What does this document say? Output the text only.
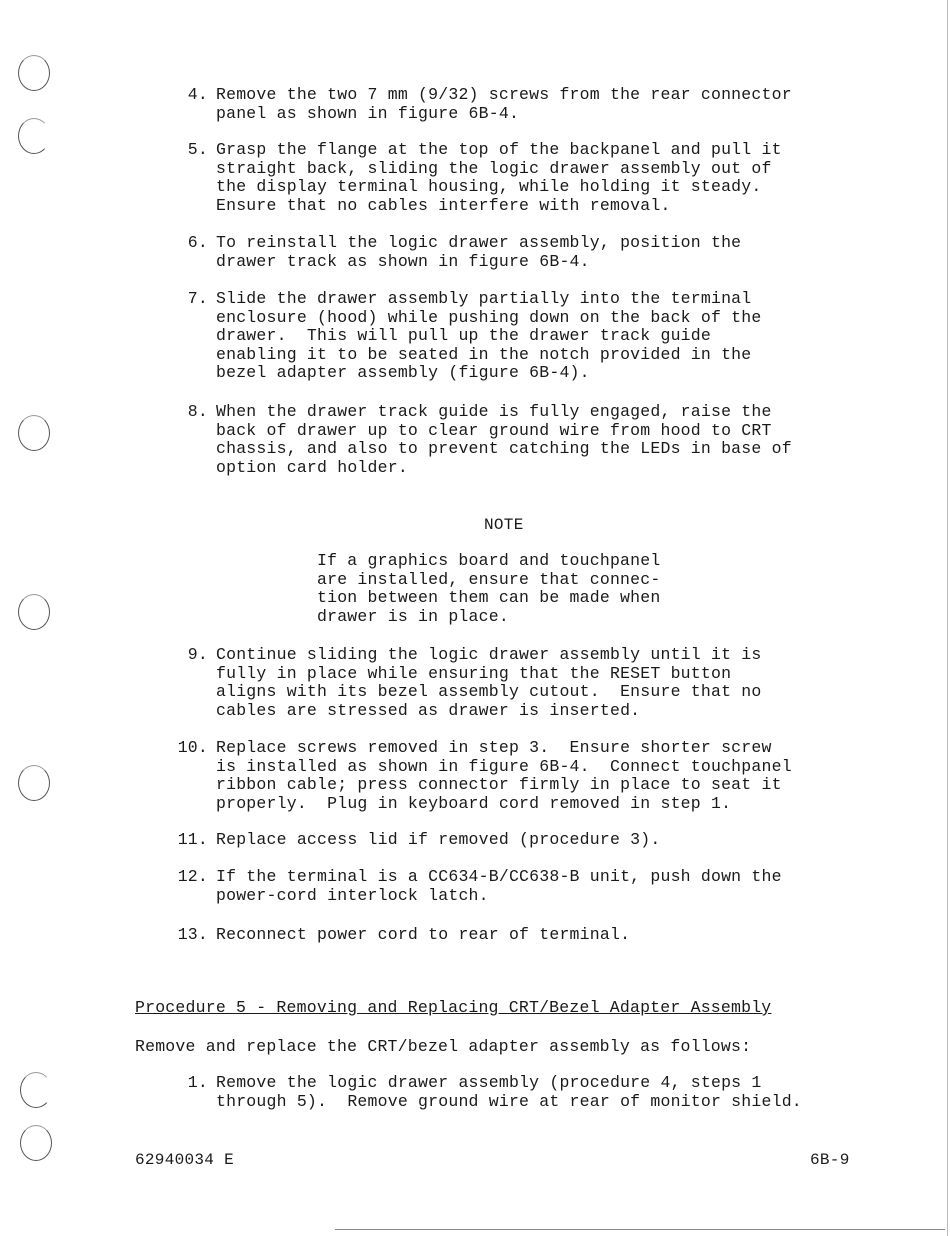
4. Remove the two 7 mm (9/32) screws from the rear connector
panel as shown in figure 6B-4.
5. Grasp the flange at the top of the backpanel and pull it
straight back, sliding the logic drawer assembly out of
the display terminal housing, while holding it steady.
Ensure that no cables interfere with removal.
6. To reinstall the logic drawer assembly, position the
drawer track as shown in figure 6B-4.
7. Slide the drawer assembly partially into the terminal
enclosure (hood) while pushing down on the back of the
drawer.  This will pull up the drawer track guide
enabling it to be seated in the notch provided in the
bezel adapter assembly (figure 6B-4).
8. When the drawer track guide is fully engaged, raise the
back of drawer up to clear ground wire from hood to CRT
chassis, and also to prevent catching the LEDs in base of
option card holder.
NOTE
If a graphics board and touchpanel
are installed, ensure that connec-
tion between them can be made when
drawer is in place.
9. Continue sliding the logic drawer assembly until it is
fully in place while ensuring that the RESET button
aligns with its bezel assembly cutout.  Ensure that no
cables are stressed as drawer is inserted.
10. Replace screws removed in step 3.  Ensure shorter screw
is installed as shown in figure 6B-4.  Connect touchpanel
ribbon cable; press connector firmly in place to seat it
properly.  Plug in keyboard cord removed in step 1.
11. Replace access lid if removed (procedure 3).
12. If the terminal is a CC634-B/CC638-B unit, push down the
power-cord interlock latch.
13. Reconnect power cord to rear of terminal.
Procedure 5 - Removing and Replacing CRT/Bezel Adapter Assembly
Remove and replace the CRT/bezel adapter assembly as follows:
1. Remove the logic drawer assembly (procedure 4, steps 1
through 5).  Remove ground wire at rear of monitor shield.
62940034 E	6B-9
